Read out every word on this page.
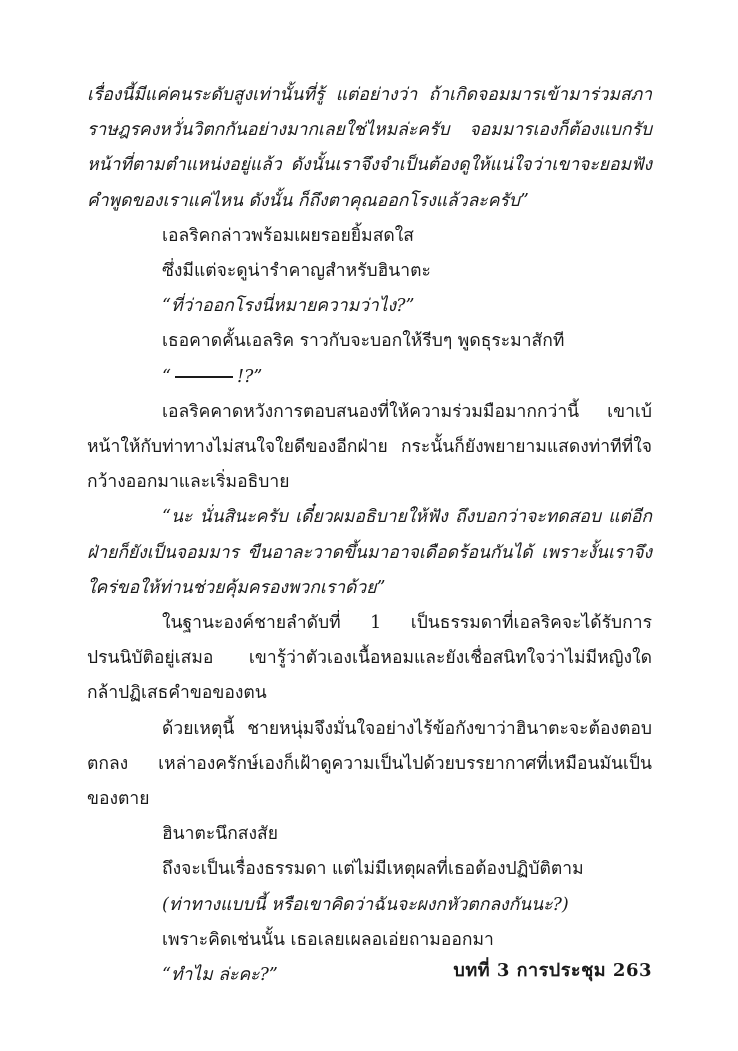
เรื่องนี้มีแค่คนระดับสูงเท่านั้นที่รู้ แต่อย่างว่า ถ้าเกิดจอมมารเข้ามาร่วมสภาราษฎรคงหวั่นวิตกกันอย่างมากเลยใช่ไหมล่ะครับ จอมมารเองก็ต้องแบกรับหน้าที่ตามตำแหน่งอยู่แล้ว ดังนั้นเราจึงจำเป็นต้องดูให้แน่ใจว่าเขาจะยอมฟังคำพูดของเราแค่ไหน ดังนั้น ก็ถึงตาคุณออกโรงแล้วละครับ”

เอลริคกล่าวพร้อมเผยรอยยิ้มสดใส

ซึ่งมีแต่จะดูน่ารำคาญสำหรับฮินาตะ

“ที่ว่าออกโรงนี่หมายความว่าไง?”

เธอคาดคั้นเอลริค ราวกับจะบอกให้รีบๆ พูดธุระมาสักที

“	!?”

เอลริคคาดหวังการตอบสนองที่ให้ความร่วมมือมากกว่านี้ เขาเบ้หน้าให้กับท่าทางไม่สนใจใยดีของอีกฝ่าย กระนั้นก็ยังพยายามแสดงท่าทีที่ใจกว้างออกมาและเริ่มอธิบาย

“นะ นั่นสินะครับ เดี๋ยวผมอธิบายให้ฟัง ถึงบอกว่าจะทดสอบ แต่อีกฝ่ายก็ยังเป็นจอมมาร ขืนอาละวาดขึ้นมาอาจเดือดร้อนกันได้ เพราะงั้นเราจึงใคร่ขอให้ท่านช่วยคุ้มครองพวกเราด้วย”

ในฐานะองค์ชายลำดับที่ 1 เป็นธรรมดาที่เอลริคจะได้รับการปรนนิบัติอยู่เสมอ เขารู้ว่าตัวเองเนื้อหอมและยังเชื่อสนิทใจว่าไม่มีหญิงใดกล้าปฏิเสธคำขอของตน

ด้วยเหตุนี้ ชายหนุ่มจึงมั่นใจอย่างไร้ข้อกังขาว่าฮินาตะจะต้องตอบตกลง เหล่าองครักษ์เองก็เฝ้าดูความเป็นไปด้วยบรรยากาศที่เหมือนมันเป็นของตาย

ฮินาตะนึกสงสัย

ถึงจะเป็นเรื่องธรรมดา แต่ไม่มีเหตุผลที่เธอต้องปฏิบัติตาม

(ท่าทางแบบนี้ หรือเขาคิดว่าฉันจะผงกหัวตกลงกันนะ?)

เพราะคิดเช่นนั้น เธอเลยเผลอเอ่ยถามออกมา

“ทำไม ล่ะคะ?”	บทที่ 3 การประชุม 263
